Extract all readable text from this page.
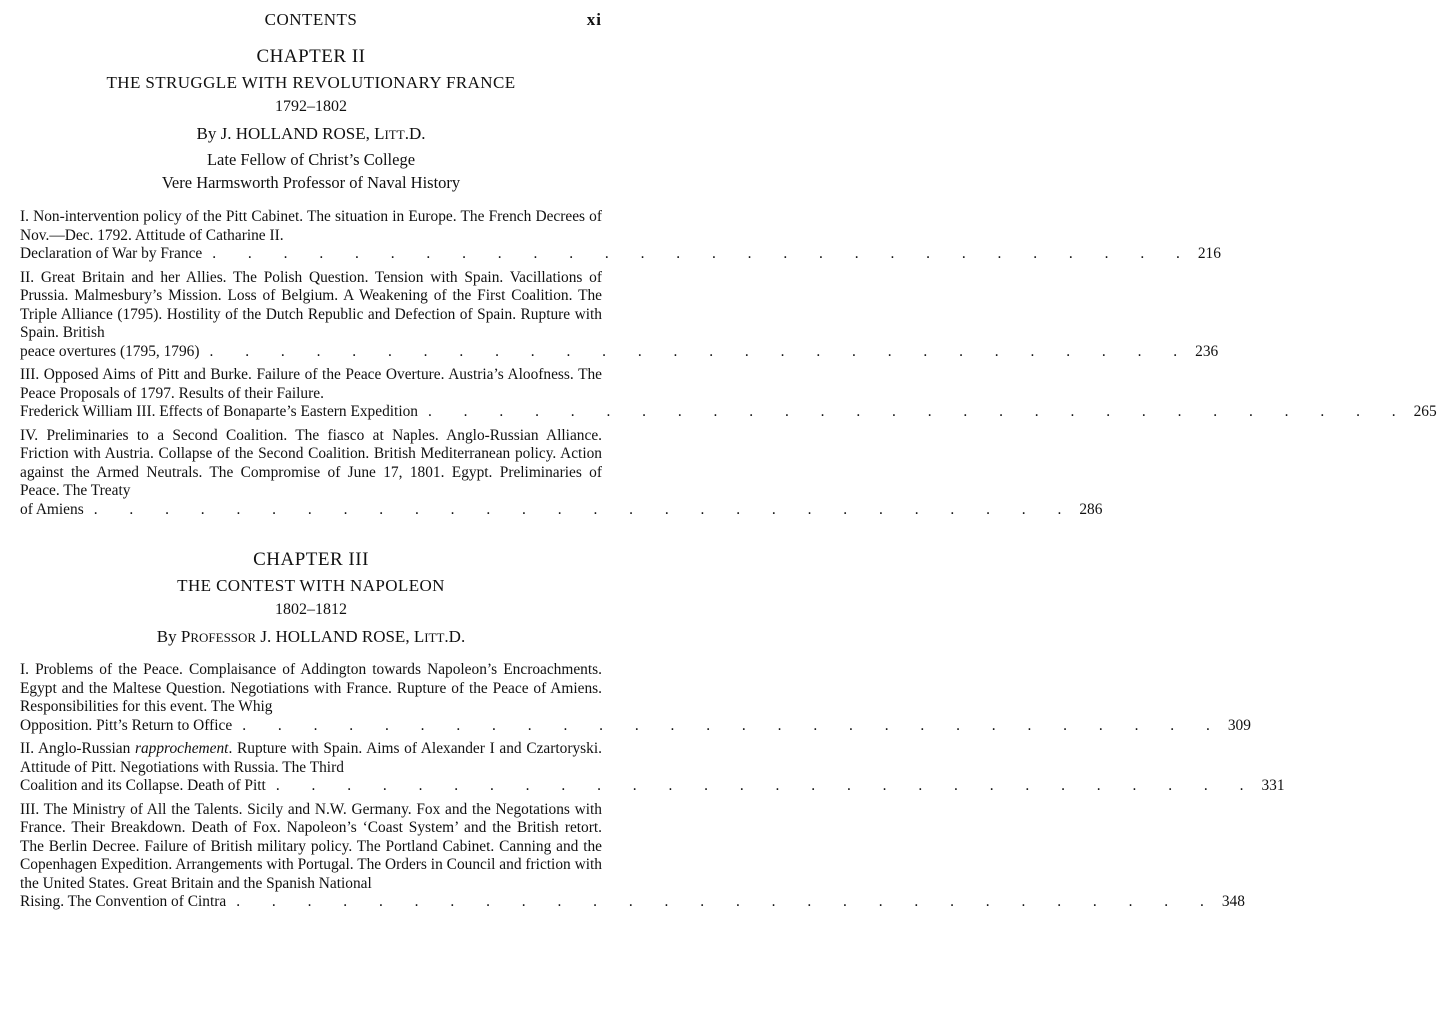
CONTENTS	xi
CHAPTER II
THE STRUGGLE WITH REVOLUTIONARY FRANCE
1792–1802
By J. HOLLAND ROSE, LITT.D.
Late Fellow of Christ’s College
Vere Harmsworth Professor of Naval History
I. Non-intervention policy of the Pitt Cabinet. The situation in Europe. The French Decrees of Nov.—Dec. 1792. Attitude of Catharine II.
Declaration of War by France . . . . . . . . . . . . . . . . . . . . . . . . . . . . 216
II. Great Britain and her Allies. The Polish Question. Tension with Spain. Vacillations of Prussia. Malmesbury’s Mission. Loss of Belgium. A Weakening of the First Coalition. The Triple Alliance (1795). Hostility of the Dutch Republic and Defection of Spain. Rupture with Spain. British
peace overtures (1795, 1796) . . . . . . . . . . . . . . . . . . . . . . . . . . . . 236
III. Opposed Aims of Pitt and Burke. Failure of the Peace Overture. Austria’s Aloofness. The Peace Proposals of 1797. Results of their Failure.
Frederick William III. Effects of Bonaparte’s Eastern Expedition . . . . . . . . . . . . . . . . . . . . . . . . . . . . 265
IV. Preliminaries to a Second Coalition. The fiasco at Naples. Anglo-Russian Alliance. Friction with Austria. Collapse of the Second Coalition. British Mediterranean policy. Action against the Armed Neutrals. The Compromise of June 17, 1801. Egypt. Preliminaries of Peace. The Treaty
of Amiens . . . . . . . . . . . . . . . . . . . . . . . . . . . . 286
CHAPTER III
THE CONTEST WITH NAPOLEON
1802–1812
By PROFESSOR J. HOLLAND ROSE, LITT.D.
I. Problems of the Peace. Complaisance of Addington towards Napoleon’s Encroachments. Egypt and the Maltese Question. Negotiations with France. Rupture of the Peace of Amiens. Responsibilities for this event. The Whig
Opposition. Pitt’s Return to Office . . . . . . . . . . . . . . . . . . . . . . . . . . . . 309
II. Anglo-Russian rapprochement. Rupture with Spain. Aims of Alexander I and Czartoryski. Attitude of Pitt. Negotiations with Russia. The Third
Coalition and its Collapse. Death of Pitt . . . . . . . . . . . . . . . . . . . . . . . . . . . . 331
III. The Ministry of All the Talents. Sicily and N.W. Germany. Fox and the Negotations with France. Their Breakdown. Death of Fox. Napoleon’s ‘Coast System’ and the British retort. The Berlin Decree. Failure of British military policy. The Portland Cabinet. Canning and the Copenhagen Expedition. Arrangements with Portugal. The Orders in Council and friction with the United States. Great Britain and the Spanish National
Rising. The Convention of Cintra . . . . . . . . . . . . . . . . . . . . . . . . . . . . 348
